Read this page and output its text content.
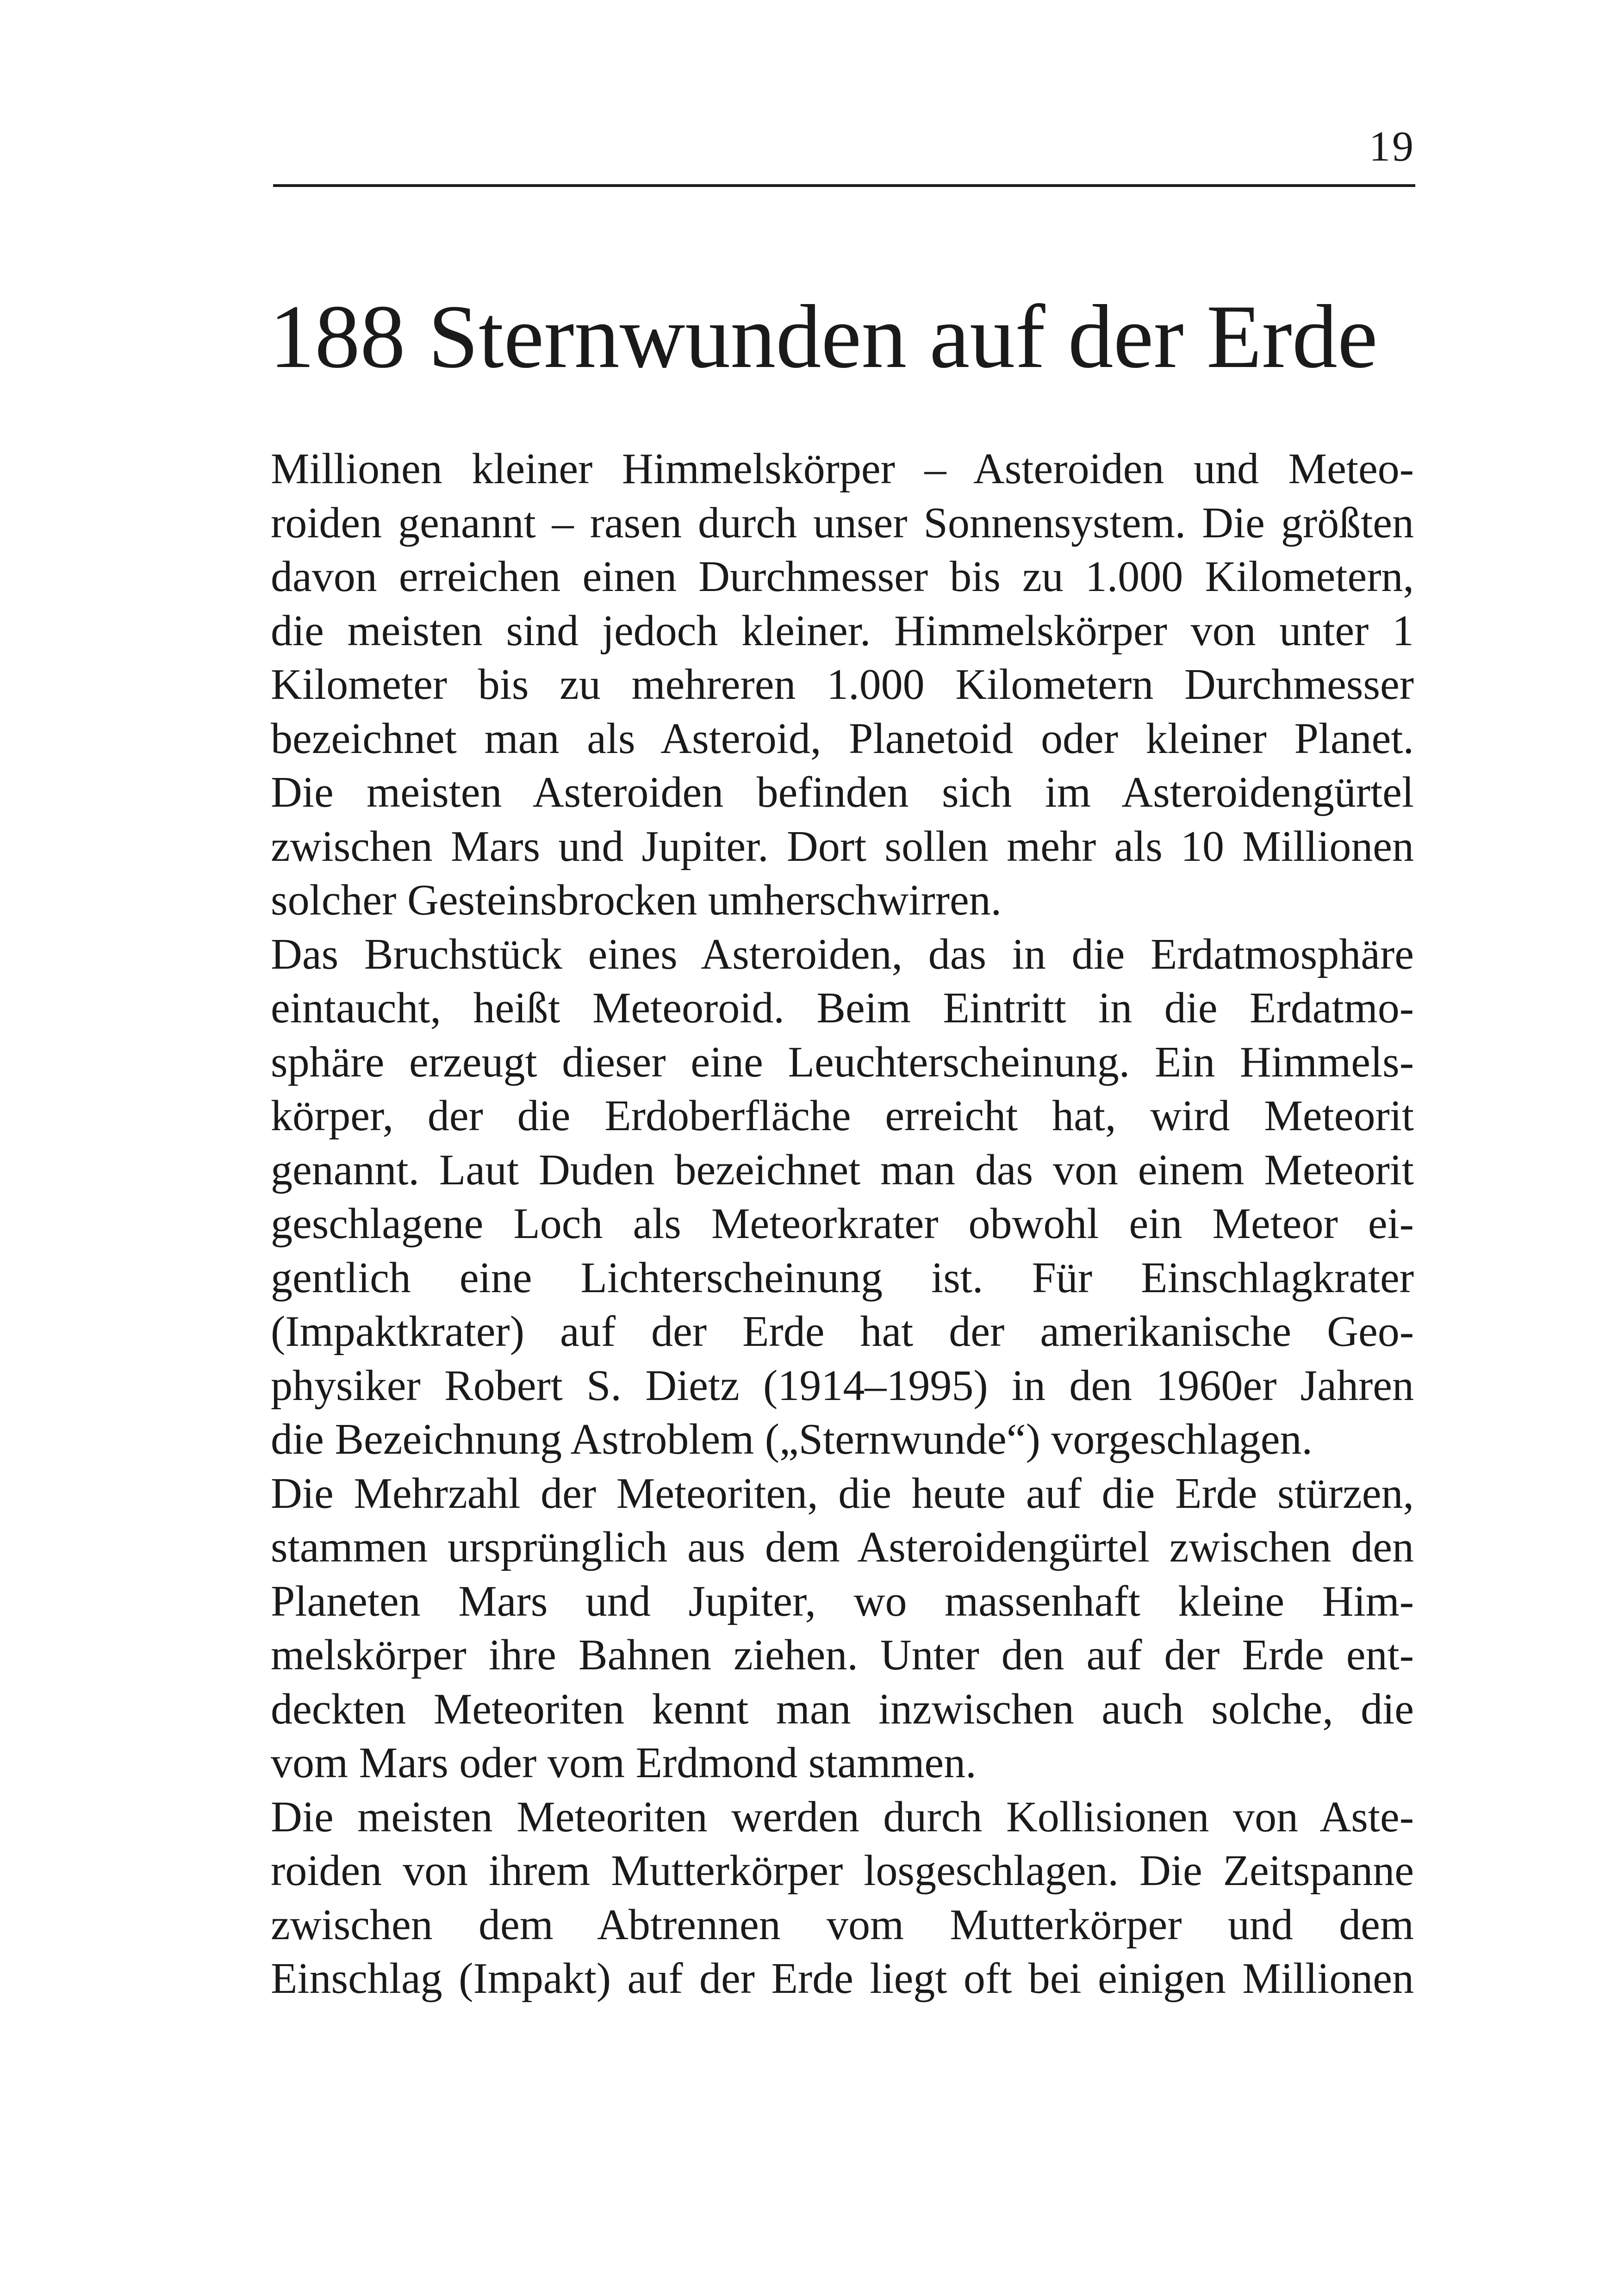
19
188 Sternwunden auf der Erde
Millionen kleiner Himmelskörper – Asteroiden und Meteo-
roiden genannt – rasen durch unser Sonnensystem. Die größten
davon erreichen einen Durchmesser bis zu 1.000 Kilometern,
die meisten sind jedoch kleiner. Himmelskörper von unter 1
Kilometer bis zu mehreren 1.000 Kilometern Durchmesser
bezeichnet man als Asteroid, Planetoid oder kleiner Planet.
Die meisten Asteroiden befinden sich im Asteroidengürtel
zwischen Mars und Jupiter. Dort sollen mehr als 10 Millionen
solcher Gesteinsbrocken umherschwirren.
Das Bruchstück eines Asteroiden, das in die Erdatmosphäre
eintaucht, heißt Meteoroid. Beim Eintritt in die Erdatmo-
sphäre erzeugt dieser eine Leuchterscheinung. Ein Himmels-
körper, der die Erdoberfläche erreicht hat, wird Meteorit
genannt. Laut Duden bezeichnet man das von einem Meteorit
geschlagene Loch als Meteorkrater obwohl ein Meteor ei-
gentlich eine Lichterscheinung ist. Für Einschlagkrater
(Impaktkrater) auf der Erde hat der amerikanische Geo-
physiker Robert S. Dietz (1914–1995) in den 1960er Jahren
die Bezeichnung Astroblem („Sternwunde“) vorgeschlagen.
Die Mehrzahl der Meteoriten, die heute auf die Erde stürzen,
stammen ursprünglich aus dem Asteroidengürtel zwischen den
Planeten Mars und Jupiter, wo massenhaft kleine Him-
melskörper ihre Bahnen ziehen. Unter den auf der Erde ent-
deckten Meteoriten kennt man inzwischen auch solche, die
vom Mars oder vom Erdmond stammen.
Die meisten Meteoriten werden durch Kollisionen von Aste-
roiden von ihrem Mutterkörper losgeschlagen. Die Zeitspanne
zwischen dem Abtrennen vom Mutterkörper und dem
Einschlag (Impakt) auf der Erde liegt oft bei einigen Millionen
